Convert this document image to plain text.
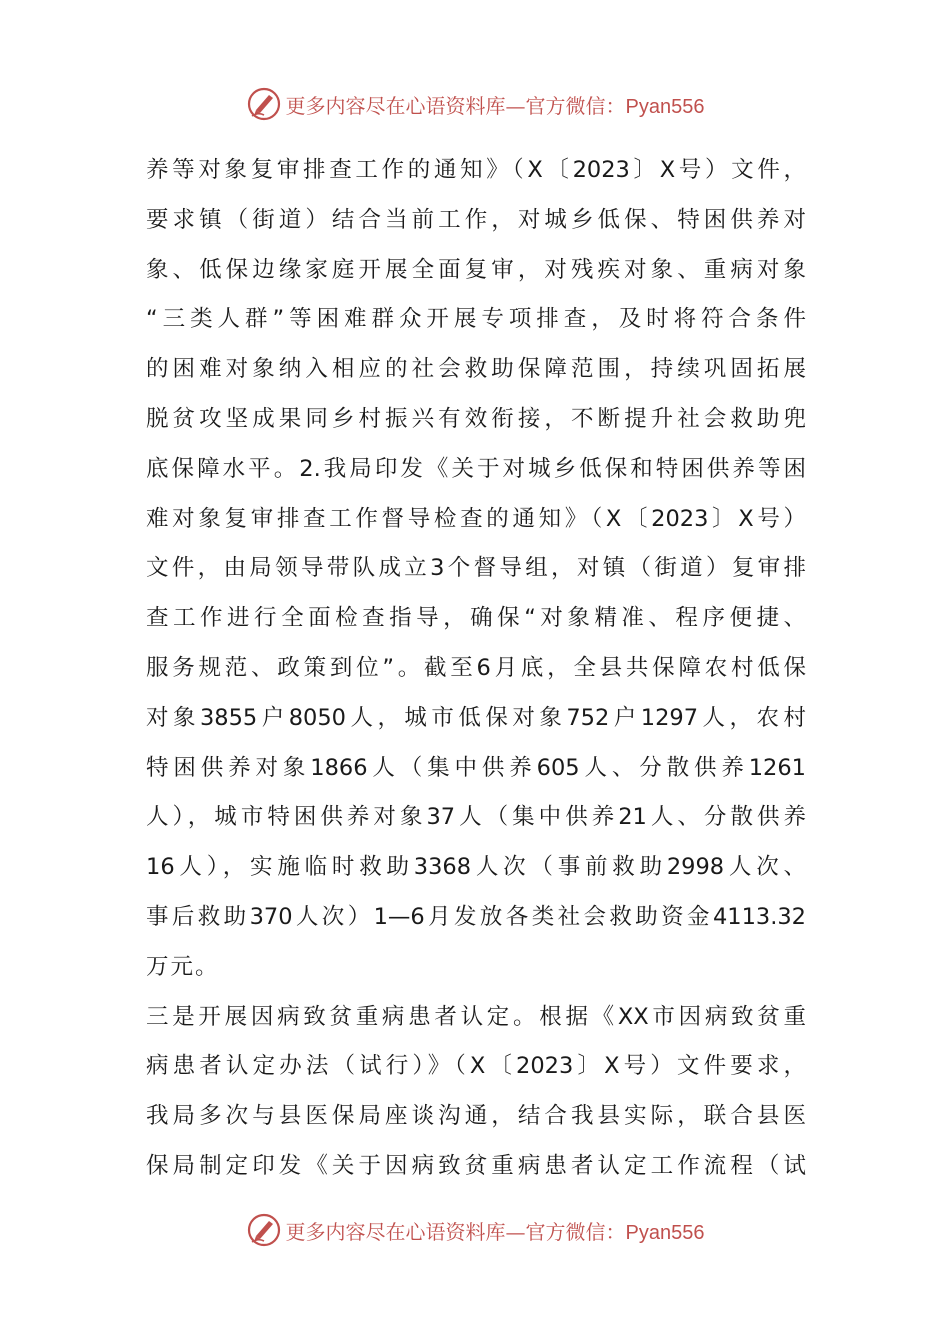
更多内容尽在心语资料库—官方微信：Pyan556
养等对象复审排查工作的通知》（X〔2023〕X号）文件，
要求镇（街道）结合当前工作，对城乡低保、特困供养对
象、低保边缘家庭开展全面复审，对残疾对象、重病对象
“三类人群”等困难群众开展专项排查，及时将符合条件
的困难对象纳入相应的社会救助保障范围，持续巩固拓展
脱贫攻坚成果同乡村振兴有效衔接，不断提升社会救助兜
底保障水平。2.我局印发《关于对城乡低保和特困供养等困
难对象复审排查工作督导检查的通知》（X〔2023〕X号）
文件，由局领导带队成立3个督导组，对镇（街道）复审排
查工作进行全面检查指导，确保“对象精准、程序便捷、
服务规范、政策到位”。截至6月底，全县共保障农村低保
对象3855户8050人，城市低保对象752户1297人，农村
特困供养对象1866人（集中供养605人、分散供养1261
人），城市特困供养对象37人（集中供养21人、分散供养
16人），实施临时救助3368人次（事前救助2998人次、
事后救助370人次）1—6月发放各类社会救助资金4113.32
万元。
三是开展因病致贫重病患者认定。根据《XX市因病致贫重
病患者认定办法（试行）》（X〔2023〕X号）文件要求，
我局多次与县医保局座谈沟通，结合我县实际，联合县医
保局制定印发《关于因病致贫重病患者认定工作流程（试
更多内容尽在心语资料库—官方微信：Pyan556
